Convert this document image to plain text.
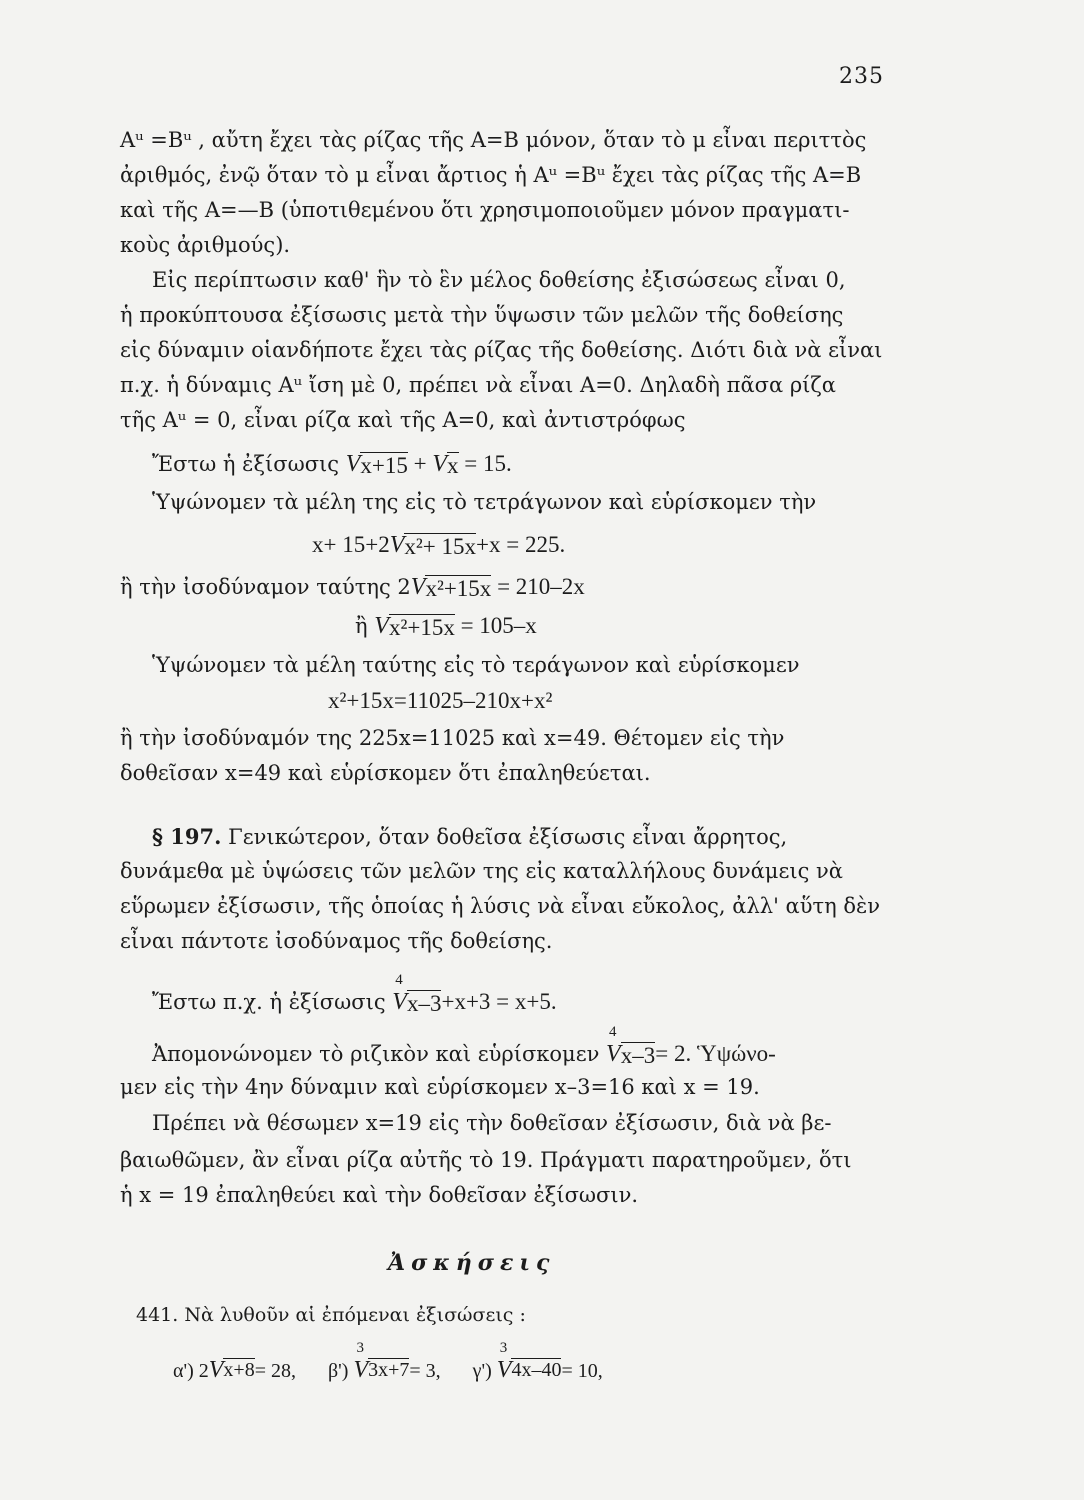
235
Aᵘ =Bᵘ , αὔτη ἔχει τὰς ρίζας τῆς Α=Β μόνον, ὅταν τὸ μ εἶναι περιττὸς
ἀριθμός, ἐνῷ ὅταν τὸ μ εἶναι ἄρτιος ἡ Aᵘ =Bᵘ ἔχει τὰς ρίζας τῆς Α=Β
καὶ τῆς Α=—Β (ὑποτιθεμένου ὅτι χρησιμοποιοῦμεν μόνον πραγματι-
κοὺς ἀριθμούς).
Εἰς περίπτωσιν καθ' ἣν τὸ ἓν μέλος δοθείσης ἐξισώσεως εἶναι 0,
ἡ προκύπτουσα ἐξίσωσις μετὰ τὴν ὕψωσιν τῶν μελῶν τῆς δοθείσης
εἰς δύναμιν οἱανδήποτε ἔχει τὰς ρίζας τῆς δοθείσης. Διότι διὰ νὰ εἶναι
π.χ. ἡ δύναμις Aᵘ ἴση μὲ 0, πρέπει νὰ εἶναι Α=0. Δηλαδὴ πᾶσα ρίζα
τῆς Aᵘ = 0, εἶναι ρίζα καὶ τῆς Α=0, καὶ ἀντιστρόφως
Ἔστω ἡ ἐξίσωσις V x+15 + V x = 15.
Ὑψώνομεν τὰ μέλη της εἰς τὸ τετράγωνον καὶ εὑρίσκομεν τὴν
x+ 15+2 V x²+ 15x +x = 225.
ἢ τὴν ἰσοδύναμον ταύτης 2 V x²+15x = 210–2x
ἢ V x²+15x = 105–x
Ὑψώνομεν τὰ μέλη ταύτης εἰς τὸ τεράγωνον καὶ εὑρίσκομεν
x²+15x=11025–210x+x²
ἢ τὴν ἰσοδύναμόν της 225x=11025 καὶ x=49. Θέτομεν εἰς τὴν
δοθεῖσαν x=49 καὶ εὑρίσκομεν ὅτι ἐπαληθεύεται.
§ 197. Γενικώτερον, ὅταν δοθεῖσα ἐξίσωσις εἶναι ἄρρητος,
δυνάμεθα μὲ ὑψώσεις τῶν μελῶν της εἰς καταλλήλους δυνάμεις νὰ
εὕρωμεν ἐξίσωσιν, τῆς ὁποίας ἡ λύσις νὰ εἶναι εὔκολος, ἀλλ' αὕτη δὲν
εἶναι πάντοτε ἰσοδύναμος τῆς δοθείσης.
Ἔστω π.χ. ἡ ἐξίσωσις
4
V x–3 +x+3 = x+5.
Ἀπομονώνομεν τὸ ριζικὸν καὶ εὑρίσκομεν
4
V x–3 = 2. Ὑψώνο-
μεν εἰς τὴν 4ην δύναμιν καὶ εὑρίσκομεν x–3=16 καὶ x = 19.
Πρέπει νὰ θέσωμεν x=19 εἰς τὴν δοθεῖσαν ἐξίσωσιν, διὰ νὰ βε-
βαιωθῶμεν, ἂν εἶναι ρίζα αὐτῆς τὸ 19. Πράγματι παρατηροῦμεν, ὅτι
ἡ x = 19 ἐπαληθεύει καὶ τὴν δοθεῖσαν ἐξίσωσιν.
Ἀσκήσεις
441. Νὰ λυθοῦν αἱ ἐπόμεναι ἐξισώσεις :
α') 2 V x+8 = 28, β')
3
V 3x+7 = 3, γ')
3
V 4x–40 = 10,
